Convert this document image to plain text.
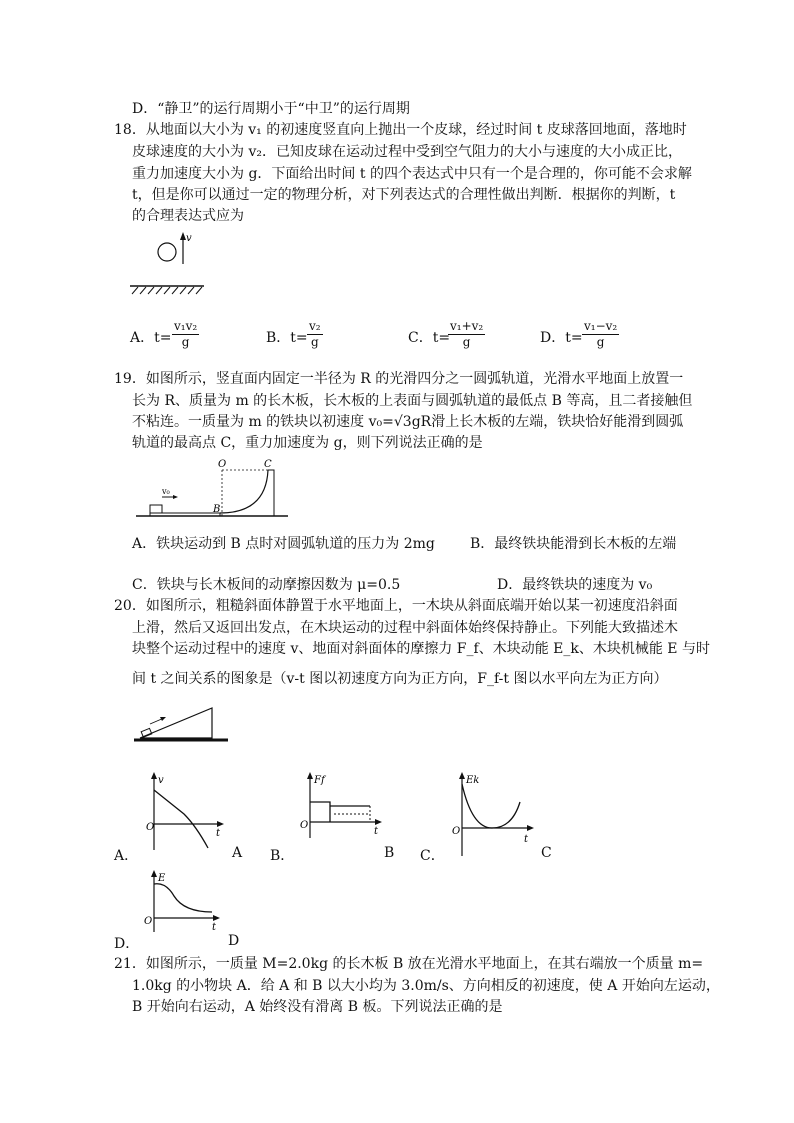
D．“静卫”的运行周期小于“中卫”的运行周期
18．从地面以大小为 v₁ 的初速度竖直向上抛出一个皮球，经过时间 t 皮球落回地面，落地时
皮球速度的大小为 v₂．已知皮球在运动过程中受到空气阻力的大小与速度的大小成正比，
重力加速度大小为 g．下面给出时间 t 的四个表达式中只有一个是合理的，你可能不会求解
t，但是你可以通过一定的物理分析，对下列表达式的合理性做出判断．根据你的判断，t
的合理表达式应为
v
A．$t= \frac{\text{v₁v₂}}{g}$	B．$t= \frac{\text{v₂}}{g}$	C．t=
$\frac{\text{v₁+v₂}}{g}$	D．$t= \frac{\text{v₁−v₂}}{g}$
19．如图所示，竖直面内固定一半径为 R 的光滑四分之一圆弧轨道，光滑水平地面上放置一
长为 R、质量为 m 的长木板，长木板的上表面与圆弧轨道的最低点 B 等高，且二者接触但
不粘连。一质量为 m 的铁块以初速度 v₀=√3gR滑上长木板的左端，铁块恰好能滑到圆弧
轨道的最高点 C，重力加速度为 g，则下列说法正确的是
v₀
O	C
B
A．铁块运动到 B 点时对圆弧轨道的压力为 2mg	B．最终铁块能滑到长木板的左端
C．铁块与长木板间的动摩擦因数为 μ=0.5	D．最终铁块的速度为 v₀
20．如图所示，粗糙斜面体静置于水平地面上，一木块从斜面底端开始以某一初速度沿斜面
上滑，然后又返回出发点，在木块运动的过程中斜面体始终保持静止。下列能大致描述木
块整个运动过程中的速度 v、地面对斜面体的摩擦力 F_f、木块动能 E_k、木块机械能 E 与时
间 t 之间关系的图象是（v-t 图以初速度方向为正方向，F_f-t 图以水平向左为正方向）
A．
v
O
t
A B．
Ff
O
t
B C．
Ek
O
t
C
D．
E
O
t
D
21．如图所示，一质量 M=2.0kg 的长木板 B 放在光滑水平地面上，在其右端放一个质量 m=
1.0kg 的小物块 A．给 A 和 B 以大小均为 3.0m/s、方向相反的初速度，使 A 开始向左运动，
B 开始向右运动，A 始终没有滑离 B 板。下列说法正确的是
